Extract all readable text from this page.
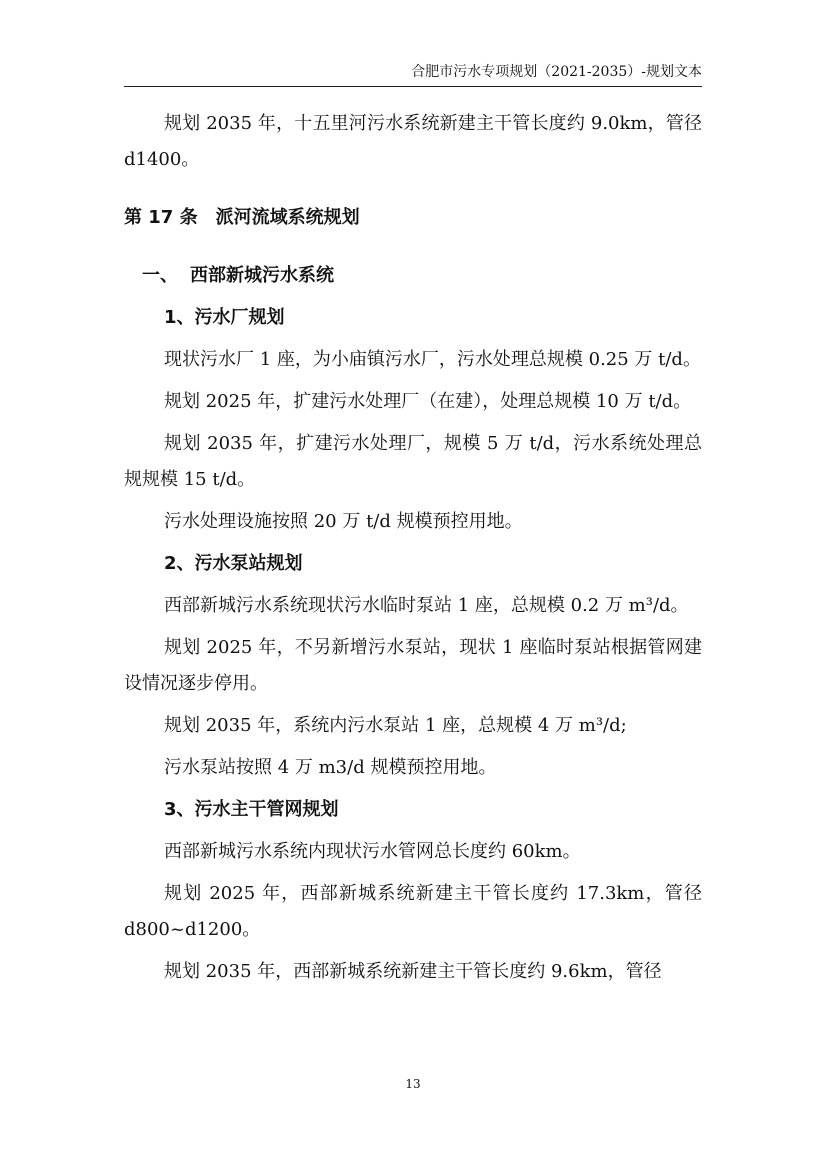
合肥市污水专项规划（2021-2035）-规划文本

规划 2035 年，十五里河污水系统新建主干管长度约 9.0km，管径 d1400。

第 17 条 派河流域系统规划

一、 西部新城污水系统

1、污水厂规划

现状污水厂 1 座，为小庙镇污水厂，污水处理总规模 0.25 万 t/d。

规划 2025 年，扩建污水处理厂（在建），处理总规模 10 万 t/d。

规划 2035 年，扩建污水处理厂，规模 5 万 t/d，污水系统处理总规规模 15 t/d。

污水处理设施按照 20 万 t/d 规模预控用地。

2、污水泵站规划

西部新城污水系统现状污水临时泵站 1 座，总规模 0.2 万 m³/d。

规划 2025 年，不另新增污水泵站，现状 1 座临时泵站根据管网建设情况逐步停用。

规划 2035 年，系统内污水泵站 1 座，总规模 4 万 m³/d;

污水泵站按照 4 万 m3/d 规模预控用地。

3、污水主干管网规划

西部新城污水系统内现状污水管网总长度约 60km。

规划 2025 年，西部新城系统新建主干管长度约 17.3km，管径 d800~d1200。

规划 2035 年，西部新城系统新建主干管长度约 9.6km，管径

13
